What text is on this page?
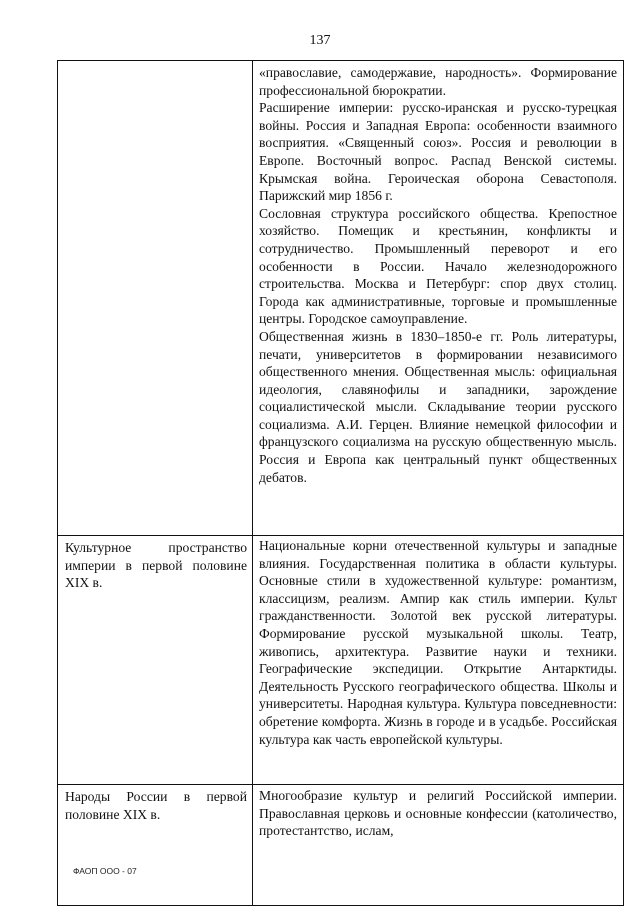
137

	«православие, самодержавие, народность». Формирование профессиональной бюрократии.

Расширение империи: русско-иранская и русско-турецкая войны. Россия и Западная Европа: особенности взаимного восприятия. «Священный союз». Россия и революции в Европе. Восточный вопрос. Распад Венской системы. Крымская война. Героическая оборона Севастополя. Парижский мир 1856 г.

Сословная структура российского общества. Крепостное хозяйство. Помещик и крестьянин, конфликты и сотрудничество. Промышленный переворот и его особенности в России. Начало железнодорожного строительства. Москва и Петербург: спор двух столиц. Города как административные, торговые и промышленные центры. Городское самоуправление.

Общественная жизнь в 1830–1850-е гг. Роль литературы, печати, университетов в формировании независимого общественного мнения. Общественная мысль: официальная идеология, славянофилы и западники, зарождение социалистической мысли. Складывание теории русского социализма. А.И. Герцен. Влияние немецкой философии и французского социализма на русскую общественную мысль. Россия и Европа как центральный пункт общественных дебатов.

Культурное пространство империи в первой половине XIX в.	Национальные корни отечественной культуры и западные влияния. Государственная политика в области культуры. Основные стили в художественной культуре: романтизм, классицизм, реализм. Ампир как стиль империи. Культ гражданственности. Золотой век русской литературы. Формирование русской музыкальной школы. Театр, живопись, архитектура. Развитие науки и техники. Географические экспедиции. Открытие Антарктиды. Деятельность Русского географического общества. Школы и университеты. Народная культура. Культура повседневности: обретение комфорта. Жизнь в городе и в усадьбе. Российская культура как часть европейской культуры.

Народы России в первой половине XIX в.	Многообразие культур и религий Российской империи. Православная церковь и основные конфессии (католичество, протестантство, ислам,

ФАОП ООО - 07
